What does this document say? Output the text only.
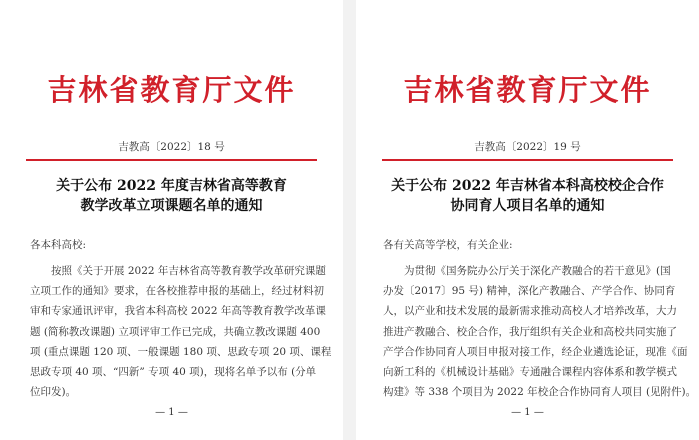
吉林省教育厅文件
吉教高〔2022〕18 号
关于公布 2022 年度吉林省高等教育
教学改革立项课题名单的通知
各本科高校:
按照《关于开展 2022 年吉林省高等教育教学改革研究课题
立项工作的通知》要求，在各校推荐申报的基础上，经过材料初
审和专家通讯评审，我省本科高校 2022 年高等教育教学改革课
题 (简称教改课题) 立项评审工作已完成，共确立教改课题 400
项 (重点课题 120 项、一般课题 180 项、思政专项 20 项、课程
思政专项 40 项、“四新” 专项 40 项)，现将名单予以布 (分单
位印发)。
— 1 —
吉林省教育厅文件
吉教高〔2022〕19 号
关于公布 2022 年吉林省本科高校校企合作
协同育人项目名单的通知
各有关高等学校，有关企业:
为贯彻《国务院办公厅关于深化产教融合的若干意见》(国
办发〔2017〕95 号) 精神，深化产教融合、产学合作、协同育
人，以产业和技术发展的最新需求推动高校人才培养改革，大力
推进产教融合、校企合作，我厅组织有关企业和高校共同实施了
产学合作协同育人项目申报对接工作，经企业遴选论证，现准《面
向新工科的《机械设计基础》专通融合课程内容体系和教学模式
构建》等 338 个项目为 2022 年校企合作协同育人项目 (见附件)。
— 1 —
